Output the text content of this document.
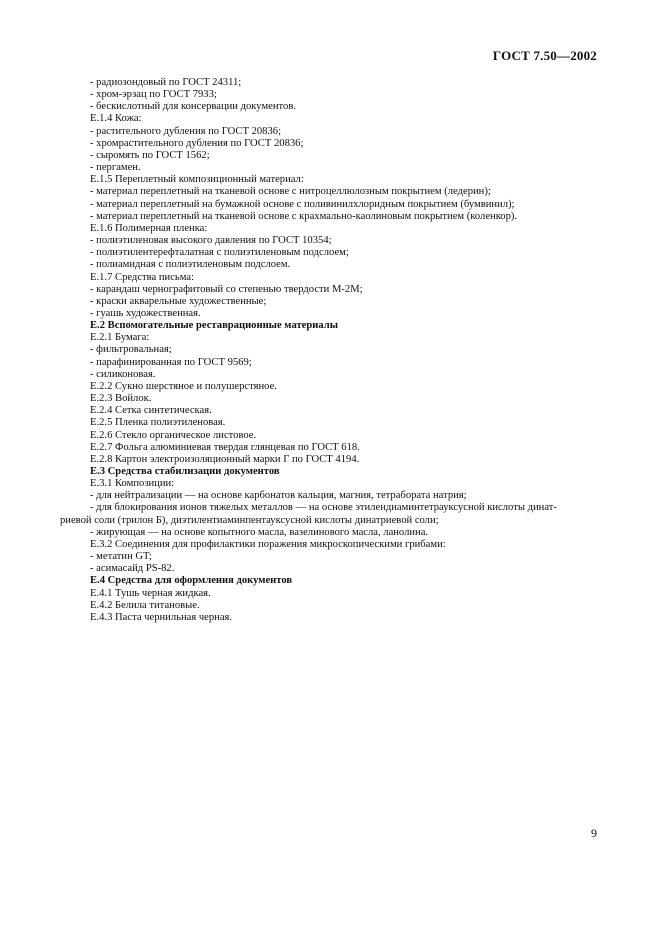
ГОСТ 7.50—2002
- радиозондовый по ГОСТ 24311;
- хром-эрзац по ГОСТ 7933;
- бескислотный для консервации документов.
Е.1.4 Кожа:
- растительного дубления по ГОСТ 20836;
- хромрастительного дубления по ГОСТ 20836;
- сыромять по ГОСТ 1562;
- пергамен.
Е.1.5 Переплетный композиционный материал:
- материал переплетный на тканевой основе с нитроцеллюлозным покрытием (ледерин);
- материал переплетный на бумажной основе с поливинилхлоридным покрытием (бумвинил);
- материал переплетный на тканевой основе с крахмально-каолиновым покрытием (коленкор).
Е.1.6 Полимерная пленка:
- полиэтиленовая высокого давления по ГОСТ 10354;
- полиэтилентерефталатная с полиэтиленовым подслоем;
- полиамидная с полиэтиленовым подслоем.
Е.1.7 Средства письма:
- карандаш чернографитовый со степенью твердости М-2М;
- краски акварельные художественные;
- гуашь художественная.
Е.2 Вспомогательные реставрационные материалы
Е.2.1 Бумага:
- фильтровальная;
- парафинированная по ГОСТ 9569;
- силиконовая.
Е.2.2 Сукно шерстяное и полушерстяное.
Е.2.3 Войлок.
Е.2.4 Сетка синтетическая.
Е.2.5 Пленка полиэтиленовая.
Е.2.6 Стекло органическое листовое.
Е.2.7 Фольга алюминиевая твердая глянцевая по ГОСТ 618.
Е.2.8 Картон электроизоляционный марки Г по ГОСТ 4194.
Е.3 Средства стабилизации документов
Е.3.1 Композиции:
- для нейтрализации — на основе карбонатов кальция, магния, тетрабората натрия;
- для блокирования ионов тяжелых металлов — на основе этилендиаминтетрауксусной кислоты динат-
риевой соли (трилон Б), диэтилентиаминпентауксусной кислоты динатриевой соли;
- жирующая — на основе копытного масла, вазелинового масла, ланолина.
Е.3.2 Соединения для профилактики поражения микроскопическими грибами:
- метатин GT;
- асимасайд PS-82.
Е.4 Средства для оформления документов
Е.4.1 Тушь черная жидкая.
Е.4.2 Белила титановые.
Е.4.3 Паста чернильная черная.
9
